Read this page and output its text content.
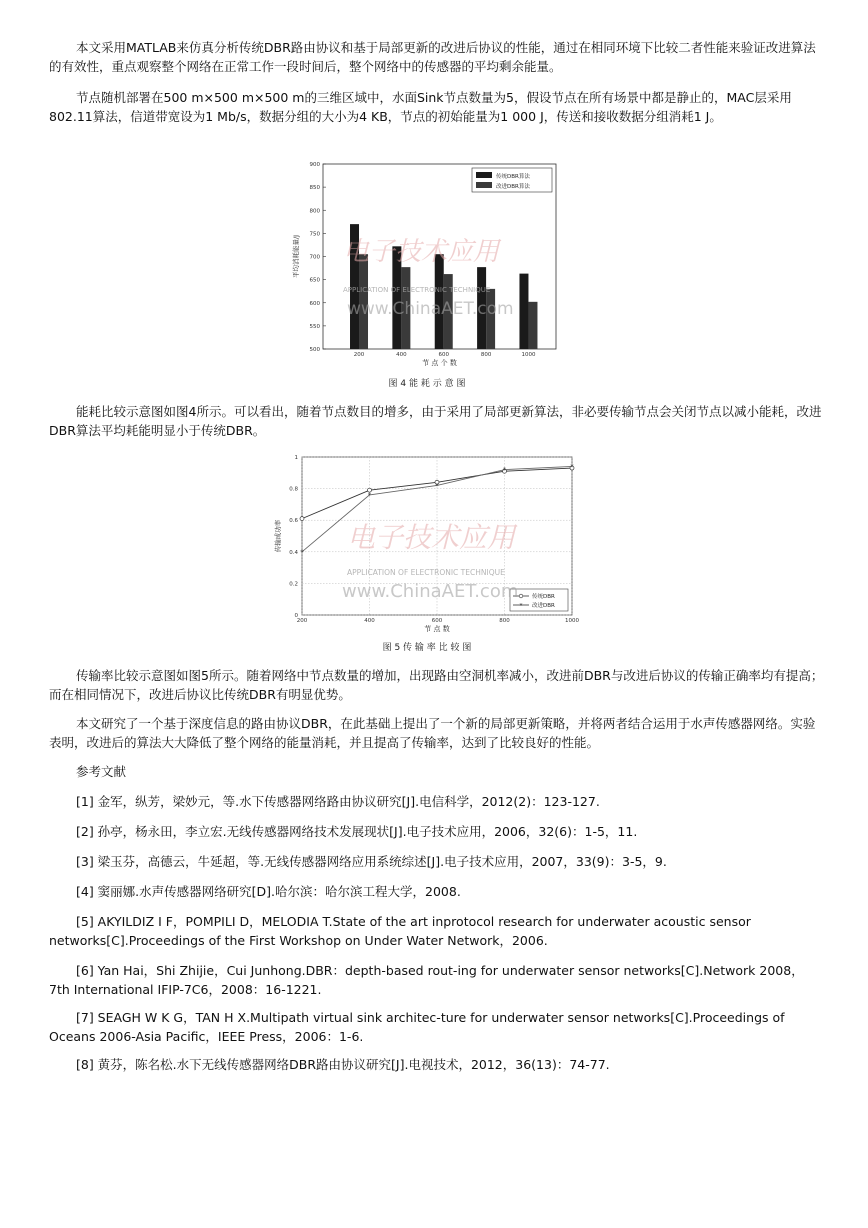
本文采用MATLAB来仿真分析传统DBR路由协议和基于局部更新的改进后协议的性能，通过在相同环境下比较二者性能来验证改进算法的有效性，重点观察整个网络在正常工作一段时间后，整个网络中的传感器的平均剩余能量。

节点随机部署在500 m×500 m×500 m的三维区域中，水面Sink节点数量为5，假设节点在所有场景中都是静止的，MAC层采用802.11算法，信道带宽设为1 Mb/s，数据分组的大小为4 KB，节点的初始能量为1 000 J，传送和接收数据分组消耗1 J。

500
550
600
650
700
750
800
850
900
200	400	600	800	1000
节 点 个 数
平均消耗能量/J
传统DBR算法
改进DBR算法
电子技术应用
APPLICATION OF ELECTRONIC TECHNIQUE
www.ChinaAET.com
图 4 能 耗 示 意 图

能耗比较示意图如图4所示。可以看出，随着节点数目的增多，由于采用了局部更新算法，非必要传输节点会关闭节点以减小能耗，改进DBR算法平均耗能明显小于传统DBR。

200	400	600	800	1000
0
0.2
0.4
0.6
0.8
1
*
*
*
*	*
节 点 数
传输成功率
传统DBR
* 改进DBR
电子技术应用
APPLICATION OF ELECTRONIC TECHNIQUE
www.ChinaAET.com
图 5 传 输 率 比 较 图

传输率比较示意图如图5所示。随着网络中节点数量的增加，出现路由空洞机率减小，改进前DBR与改进后协议的传输正确率均有提高；而在相同情况下，改进后协议比传统DBR有明显优势。

本文研究了一个基于深度信息的路由协议DBR，在此基础上提出了一个新的局部更新策略，并将两者结合运用于水声传感器网络。实验表明，改进后的算法大大降低了整个网络的能量消耗，并且提高了传输率，达到了比较良好的性能。

参考文献

[1] 金军，纵芳，梁妙元，等.水下传感器网络路由协议研究[J].电信科学，2012(2)：123-127.

[2] 孙亭，杨永田，李立宏.无线传感器网络技术发展现状[J].电子技术应用，2006，32(6)：1-5，11.

[3] 梁玉芬，高德云，牛延超，等.无线传感器网络应用系统综述[J].电子技术应用，2007，33(9)：3-5，9.

[4] 窦丽娜.水声传感器网络研究[D].哈尔滨：哈尔滨工程大学，2008.

[5] AKYILDIZ I F，POMPILI D，MELODIA T.State of the art inprotocol research for underwater acoustic sensor networks[C].Proceedings of the First Workshop on Under Water Network，2006.

[6] Yan Hai，Shi Zhijie，Cui Junhong.DBR：depth-based rout-ing for underwater sensor networks[C].Network 2008，7th International IFIP-7C6，2008：16-1221.

[7] SEAGH W K G，TAN H X.Multipath virtual sink architec-ture for underwater sensor networks[C].Proceedings of Oceans 2006-Asia Pacific，IEEE Press，2006：1-6.

[8] 黄芬，陈名松.水下无线传感器网络DBR路由协议研究[J].电视技术，2012，36(13)：74-77.
